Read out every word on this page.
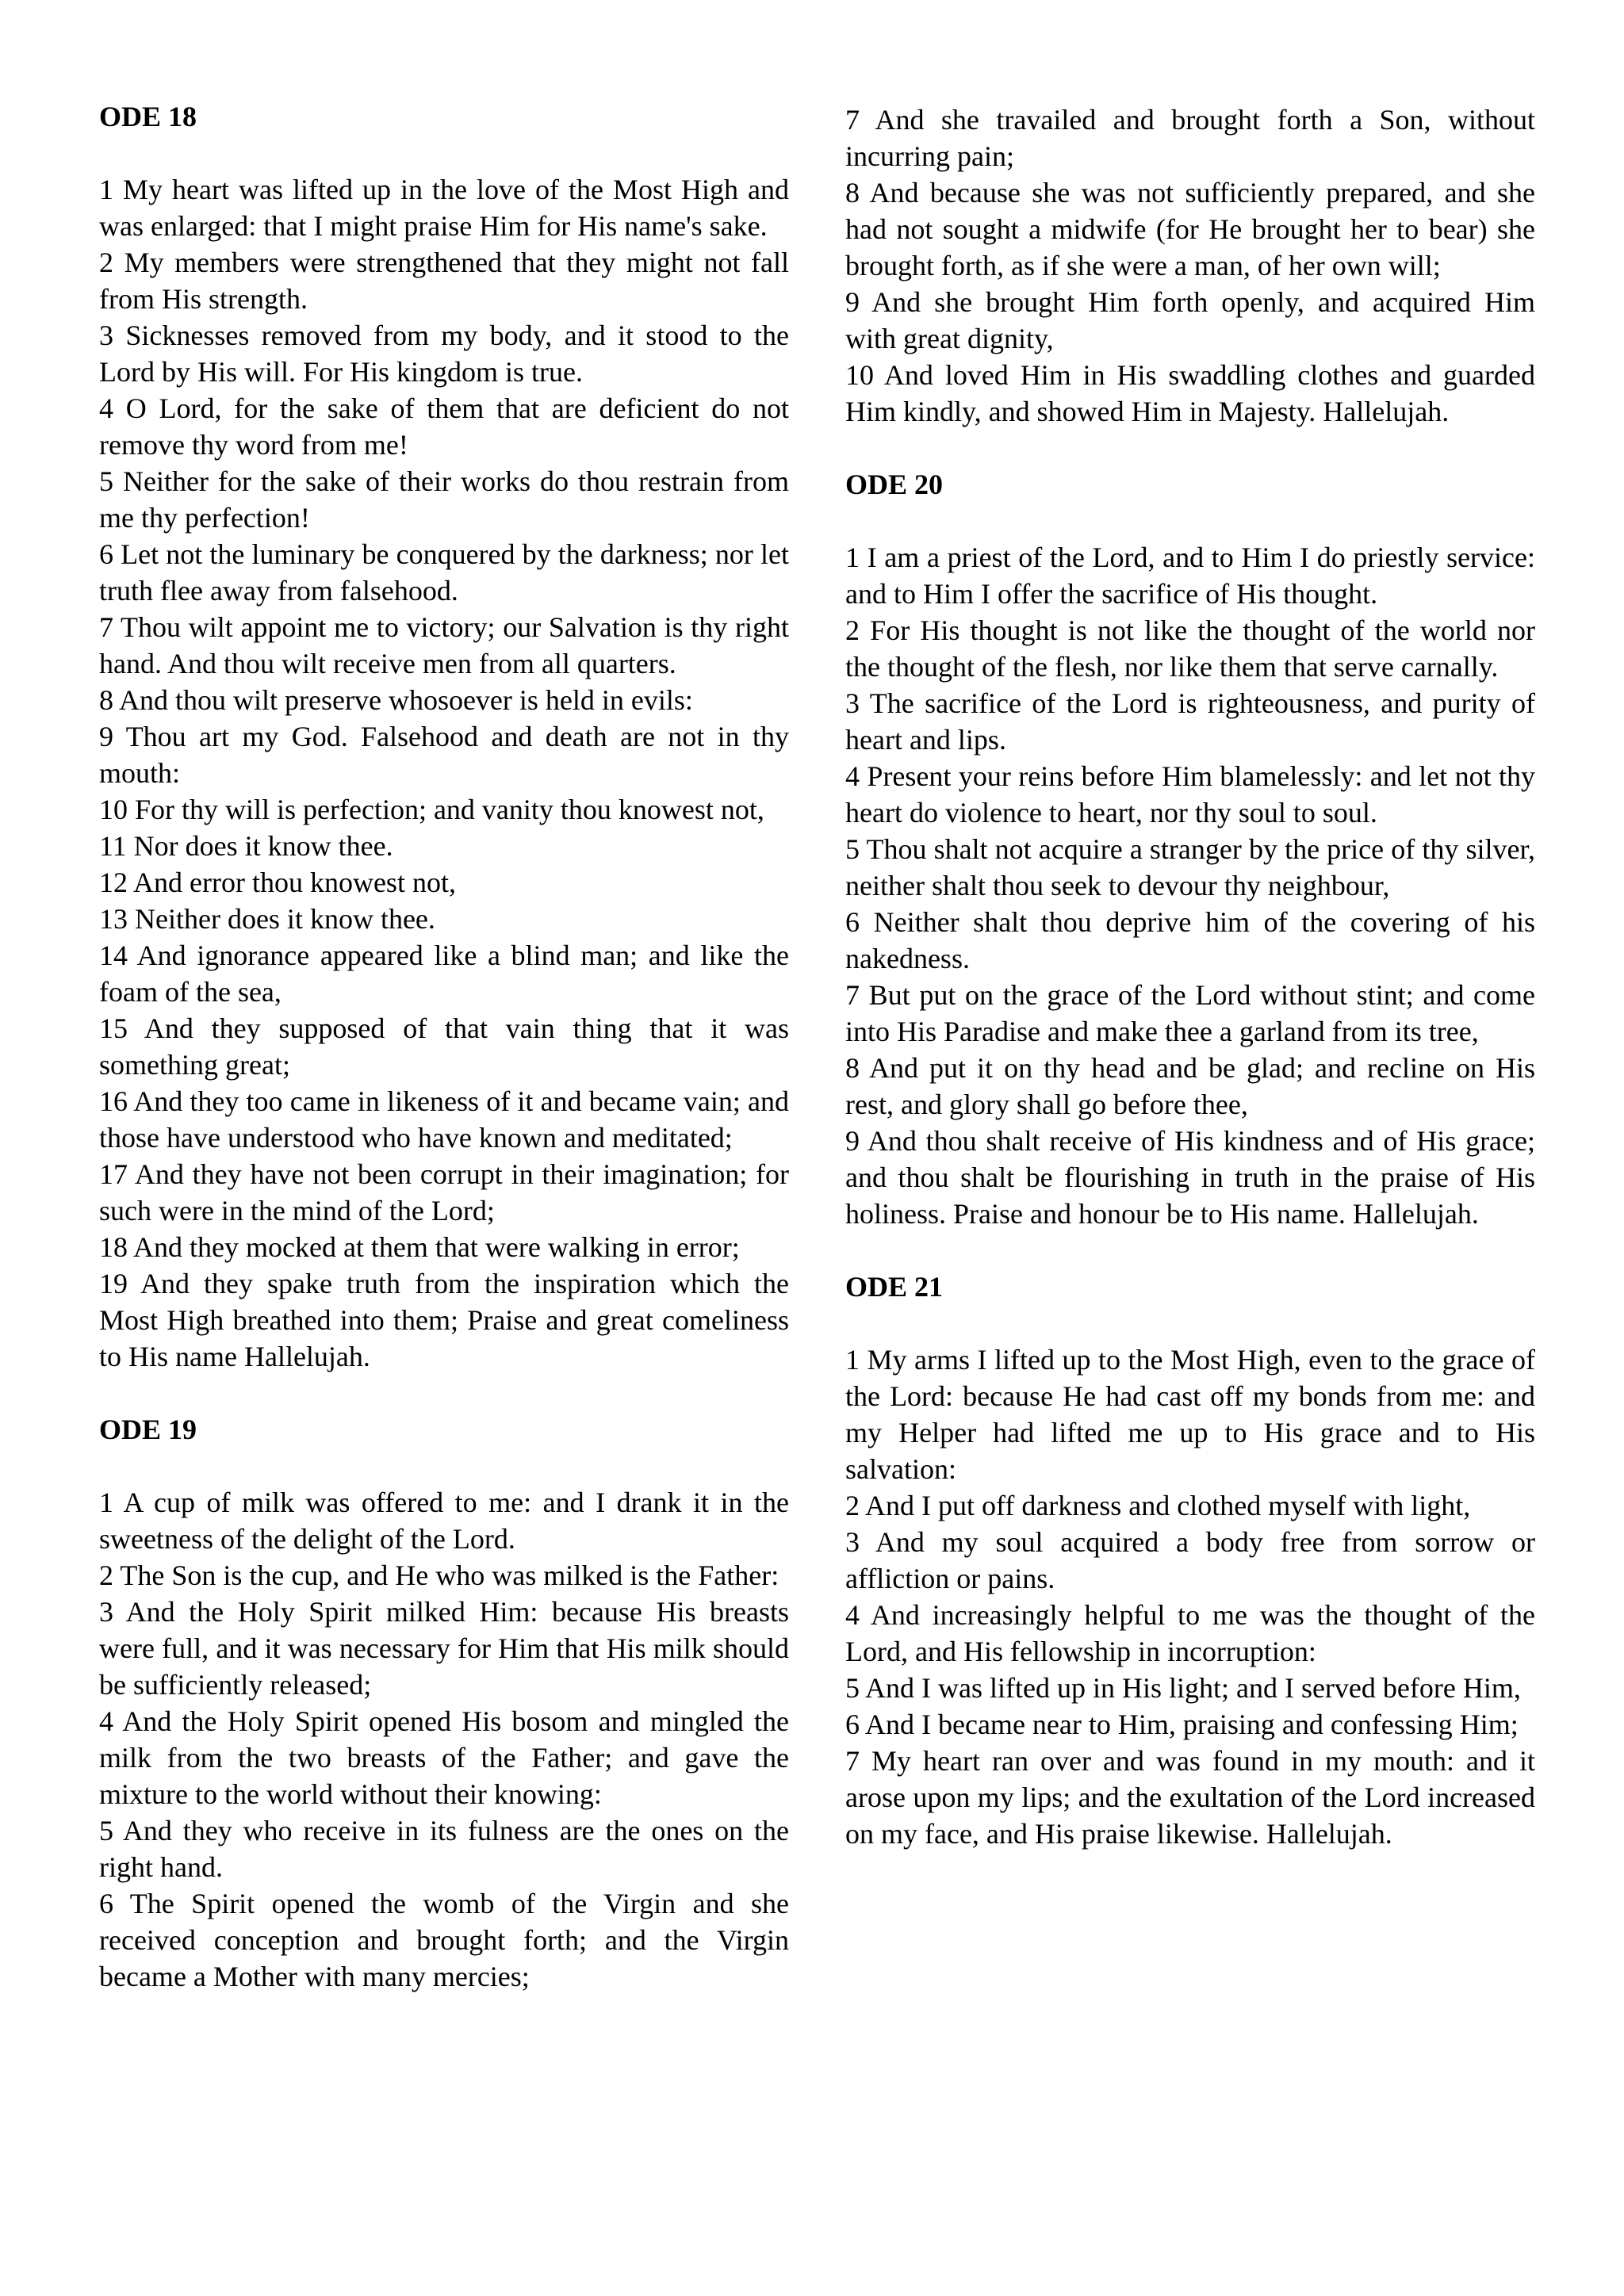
ODE 18

1 My heart was lifted up in the love of the Most High and was enlarged: that I might praise Him for His name's sake.

2 My members were strengthened that they might not fall from His strength.

3 Sicknesses removed from my body, and it stood to the Lord by His will. For His kingdom is true.

4 O Lord, for the sake of them that are deficient do not remove thy word from me!

5 Neither for the sake of their works do thou restrain from me thy perfection!

6 Let not the luminary be conquered by the darkness; nor let truth flee away from falsehood.

7 Thou wilt appoint me to victory; our Salvation is thy right hand. And thou wilt receive men from all quarters.

8 And thou wilt preserve whosoever is held in evils:

9 Thou art my God. Falsehood and death are not in thy mouth:

10 For thy will is perfection; and vanity thou knowest not,

11 Nor does it know thee.

12 And error thou knowest not,

13 Neither does it know thee.

14 And ignorance appeared like a blind man; and like the foam of the sea,

15 And they supposed of that vain thing that it was something great;

16 And they too came in likeness of it and became vain; and those have understood who have known and meditated;

17 And they have not been corrupt in their imagination; for such were in the mind of the Lord;

18 And they mocked at them that were walking in error;

19 And they spake truth from the inspiration which the Most High breathed into them; Praise and great comeliness to His name Hallelujah.

ODE 19

1 A cup of milk was offered to me: and I drank it in the sweetness of the delight of the Lord.

2 The Son is the cup, and He who was milked is the Father:

3 And the Holy Spirit milked Him: because His breasts were full, and it was necessary for Him that His milk should be sufficiently released;

4 And the Holy Spirit opened His bosom and mingled the milk from the two breasts of the Father; and gave the mixture to the world without their knowing:

5 And they who receive in its fulness are the ones on the right hand.

6 The Spirit opened the womb of the Virgin and she received conception and brought forth; and the Virgin became a Mother with many mercies;

7 And she travailed and brought forth a Son, without incurring pain;

8 And because she was not sufficiently prepared, and she had not sought a midwife (for He brought her to bear) she brought forth, as if she were a man, of her own will;

9 And she brought Him forth openly, and acquired Him with great dignity,

10 And loved Him in His swaddling clothes and guarded Him kindly, and showed Him in Majesty. Hallelujah.

ODE 20

1 I am a priest of the Lord, and to Him I do priestly service: and to Him I offer the sacrifice of His thought.

2 For His thought is not like the thought of the world nor the thought of the flesh, nor like them that serve carnally.

3 The sacrifice of the Lord is righteousness, and purity of heart and lips.

4 Present your reins before Him blamelessly: and let not thy heart do violence to heart, nor thy soul to soul.

5 Thou shalt not acquire a stranger by the price of thy silver, neither shalt thou seek to devour thy neighbour,

6 Neither shalt thou deprive him of the covering of his nakedness.

7 But put on the grace of the Lord without stint; and come into His Paradise and make thee a garland from its tree,

8 And put it on thy head and be glad; and recline on His rest, and glory shall go before thee,

9 And thou shalt receive of His kindness and of His grace; and thou shalt be flourishing in truth in the praise of His holiness. Praise and honour be to His name. Hallelujah.

ODE 21

1 My arms I lifted up to the Most High, even to the grace of the Lord: because He had cast off my bonds from me: and my Helper had lifted me up to His grace and to His salvation:

2 And I put off darkness and clothed myself with light,

3 And my soul acquired a body free from sorrow or affliction or pains.

4 And increasingly helpful to me was the thought of the Lord, and His fellowship in incorruption:

5 And I was lifted up in His light; and I served before Him,

6 And I became near to Him, praising and confessing Him;

7 My heart ran over and was found in my mouth: and it arose upon my lips; and the exultation of the Lord increased on my face, and His praise likewise. Hallelujah.
